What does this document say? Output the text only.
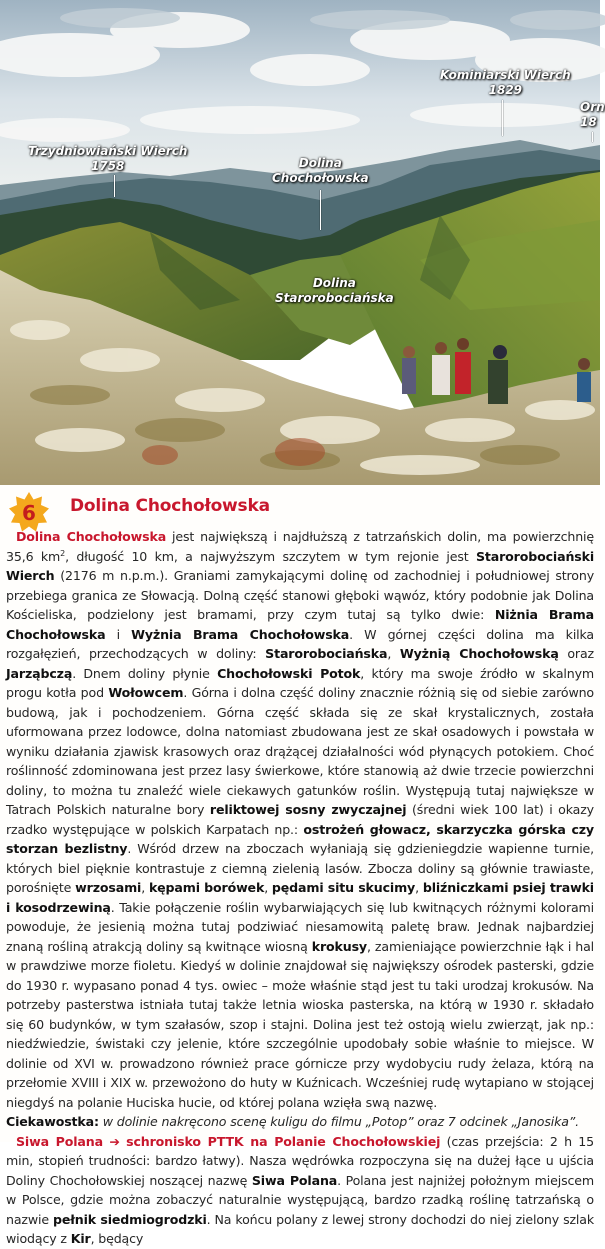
Kominiarski Wierch
1829
Orn
18
Trzydniowiański Wierch
1758	Dolina
Chochołowska
Dolina
Starorobociańska
6	Dolina Chochołowska

Dolina Chochołowska jest największą i najdłuższą z tatrzańskich dolin, ma powierzchnię 35,6 $km^2$, długość 10 km, a najwyższym szczytem w tym rejonie jest Starorobociański Wierch (2176 m n.p.m.). Graniami zamykającymi dolinę od zachodniej i południowej strony przebiega granica ze Słowacją. Dolną część stanowi głęboki wąwóz, który podobnie jak Dolina Kościeliska, podzielony jest bramami, przy czym tutaj są tylko dwie: Niżnia Brama Chochołowska i Wyżnia Brama Chochołowska. W górnej części dolina ma kilka rozgałęzień, przechodzących w doliny: Starorobociańska, Wyżnią Chochołowską oraz Jarząbczą. Dnem doliny płynie Chochołowski Potok, który ma swoje źródło w skalnym progu kotła pod Wołowcem. Górna i dolna część doliny znacznie różnią się od siebie zarówno budową, jak i pochodzeniem. Górna część składa się ze skał krystalicznych, została uformowana przez lodowce, dolna natomiast zbudowana jest ze skał osadowych i powstała w wyniku działania zjawisk krasowych oraz drążącej działalności wód płynących potokiem. Choć roślinność zdominowana jest przez lasy świerkowe, które stanowią aż dwie trzecie powierzchni doliny, to można tu znaleźć wiele ciekawych gatunków roślin. Występują tutaj największe w Tatrach Polskich naturalne bory reliktowej sosny zwyczajnej (średni wiek 100 lat) i okazy rzadko występujące w polskich Karpatach np.: ostrożeń głowacz, skarzyczka górska czy storzan bezlistny. Wśród drzew na zboczach wyłaniają się gdzieniegdzie wapienne turnie, których biel pięknie kontrastuje z ciemną zielenią lasów. Zbocza doliny są głównie trawiaste, porośnięte wrzosami, kępami borówek, pędami situ skucimy, bliźniczkami psiej trawki i kosodrzewiną. Takie połączenie roślin wybarwiających się lub kwitnących różnymi kolorami powoduje, że jesienią można tutaj podziwiać niesamowitą paletę braw. Jednak najbardziej znaną rośliną atrakcją doliny są kwitnące wiosną krokusy, zamieniające powierzchnie łąk i hal w prawdziwe morze fioletu. Kiedyś w dolinie znajdował się największy ośrodek pasterski, gdzie do 1930 r. wypasano ponad 4 tys. owiec – może właśnie stąd jest tu taki urodzaj krokusów. Na potrzeby pasterstwa istniała tutaj także letnia wioska pasterska, na którą w 1930 r. składało się 60 budynków, w tym szałasów, szop i stajni. Dolina jest też ostoją wielu zwierząt, jak np.: niedźwiedzie, świstaki czy jelenie, które szczególnie upodobały sobie właśnie to miejsce. W dolinie od XVI w. prowadzono również prace górnicze przy wydobyciu rudy żelaza, którą na przełomie XVIII i XIX w. przewożono do huty w Kuźnicach. Wcześniej rudę wytapiano w stojącej niegdyś na polanie Huciska hucie, od której polana wzięła swą nazwę.

Ciekawostka: w dolinie nakręcono scenę kuligu do filmu „Potop” oraz 7 odcinek „Janosika”.

Siwa Polana ➔ schronisko PTTK na Polanie Chochołowskiej (czas przejścia: 2 h 15 min, stopień trudności: bardzo łatwy). Nasza wędrówka rozpoczyna się na dużej łące u ujścia Doliny Chochołowskiej noszącej nazwę Siwa Polana. Polana jest najniżej położnym miejscem w Polsce, gdzie można zobaczyć naturalnie występującą, bardzo rzadką roślinę tatrzańską o nazwie pełnik siedmiogrodzki. Na końcu polany z lewej strony dochodzi do niej zielony szlak wiodący z Kir, będący
